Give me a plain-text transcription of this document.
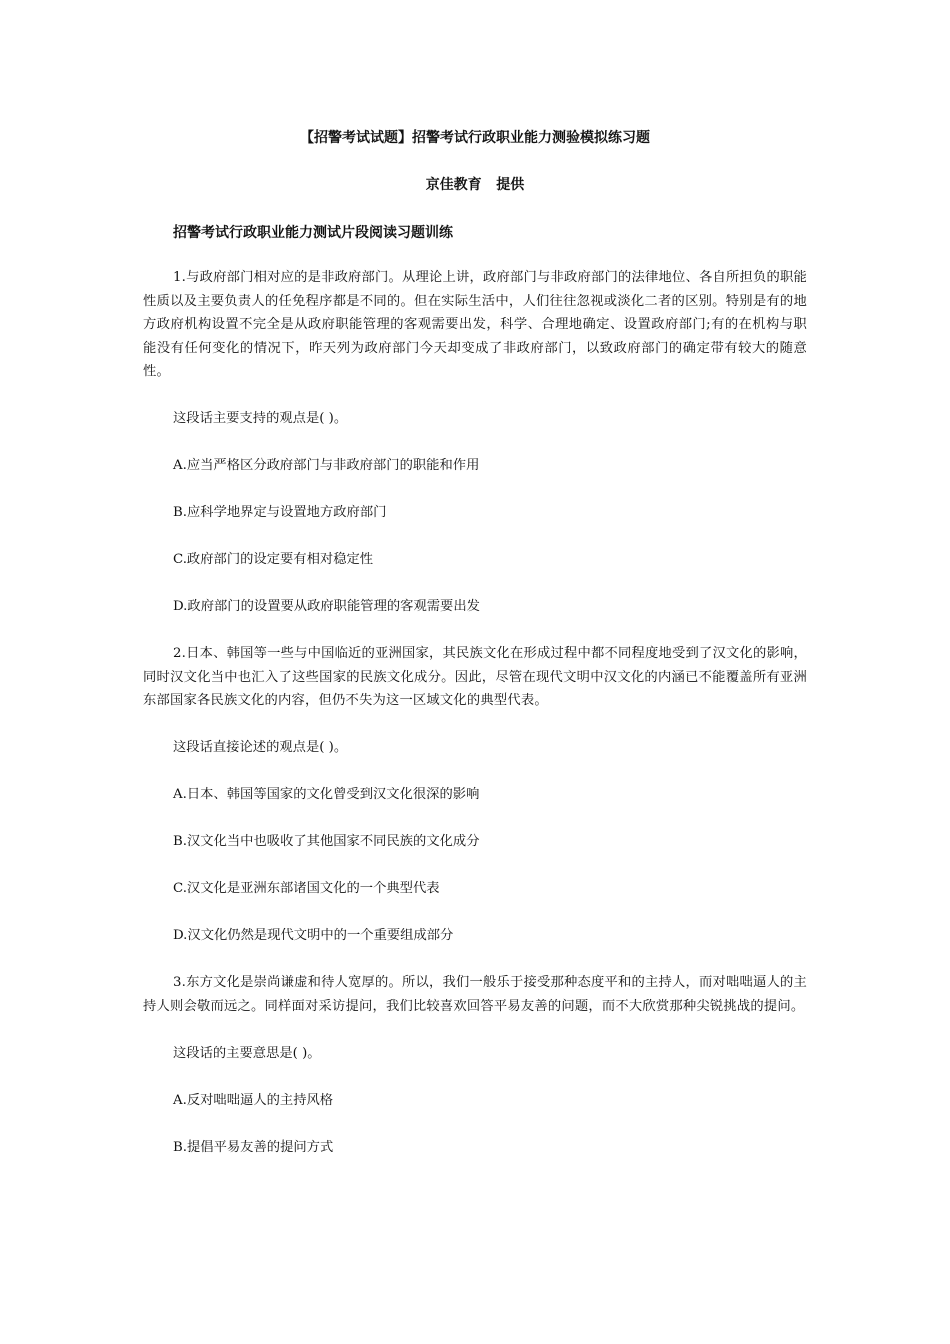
【招警考试试题】招警考试行政职业能力测验模拟练习题
京佳教育   提供
招警考试行政职业能力测试片段阅读习题训练

1.与政府部门相对应的是非政府部门。从理论上讲，政府部门与非政府部门的法律地位、各自所担负的职能性质以及主要负责人的任免程序都是不同的。但在实际生活中，人们往往忽视或淡化二者的区别。特别是有的地方政府机构设置不完全是从政府职能管理的客观需要出发，科学、合理地确定、设置政府部门;有的在机构与职能没有任何变化的情况下，昨天列为政府部门今天却变成了非政府部门，以致政府部门的确定带有较大的随意性。

这段话主要支持的观点是( )。
A.应当严格区分政府部门与非政府部门的职能和作用
B.应科学地界定与设置地方政府部门
C.政府部门的设定要有相对稳定性
D.政府部门的设置要从政府职能管理的客观需要出发

2.日本、韩国等一些与中国临近的亚洲国家，其民族文化在形成过程中都不同程度地受到了汉文化的影响，同时汉文化当中也汇入了这些国家的民族文化成分。因此，尽管在现代文明中汉文化的内涵已不能覆盖所有亚洲东部国家各民族文化的内容，但仍不失为这一区域文化的典型代表。

这段话直接论述的观点是( )。
A.日本、韩国等国家的文化曾受到汉文化很深的影响
B.汉文化当中也吸收了其他国家不同民族的文化成分
C.汉文化是亚洲东部诸国文化的一个典型代表
D.汉文化仍然是现代文明中的一个重要组成部分

3.东方文化是崇尚谦虚和待人宽厚的。所以，我们一般乐于接受那种态度平和的主持人，而对咄咄逼人的主持人则会敬而远之。同样面对采访提问，我们比较喜欢回答平易友善的问题，而不大欣赏那种尖锐挑战的提问。

这段话的主要意思是( )。
A.反对咄咄逼人的主持风格
B.提倡平易友善的提问方式
